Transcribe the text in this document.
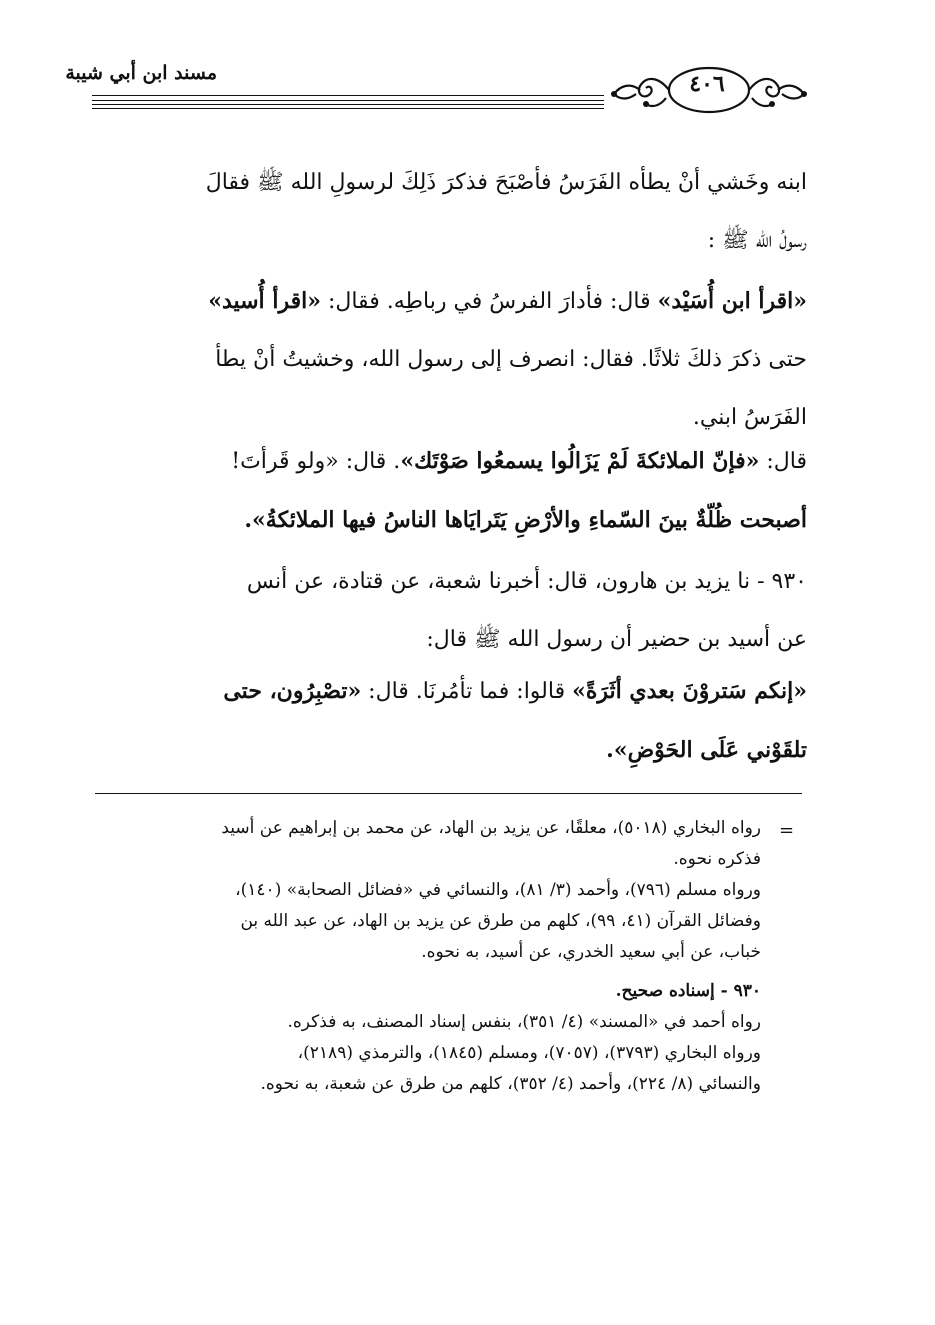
مسند ابن أبي شيبة	٤٠٦
ابنه وخَشي أنْ يطأه الفَرَسُ فأصْبَحَ فذكرَ ذَلِكَ لرسولِ الله ﷺ فقالَ
رسولُ الله ﷺ :
«اقرأ ابن أُسَيْد» قال: فأدارَ الفرسُ في رباطِه. فقال: «اقرأ أُسيد»
حتى ذكرَ ذلكَ ثلاثًا. فقال: انصرف إلى رسول الله، وخشيتُ أنْ يطأ
الفَرَسُ ابني.
قال: «فإنّ الملائكةَ لَمْ يَزَالُوا يسمعُوا صَوْتَك». قال: «ولو قَرأتَ!
أصبحت ظُلّةٌ بينَ السّماءِ والأرْضِ يَتَرايَاها الناسُ فيها الملائكةُ».
٩٣٠ - نا يزيد بن هارون، قال: أخبرنا شعبة، عن قتادة، عن أنس
عن أسيد بن حضير أن رسول الله ﷺ قال:
«إنكم سَتروْنَ بعدي أثَرَةً» قالوا: فما تأمُرنَا. قال: «تصْبِرُون، حتى
تلقَوْني عَلَى الحَوْضِ».
=
رواه البخاري (٥٠١٨)، معلقًا، عن يزيد بن الهاد، عن محمد بن إبراهيم عن أسيد
فذكره نحوه.
ورواه مسلم (٧٩٦)، وأحمد (٣/ ٨١)، والنسائي في «فضائل الصحابة» (١٤٠)،
وفضائل القرآن (٤١، ٩٩)، كلهم من طرق عن يزيد بن الهاد، عن عبد الله بن
خباب، عن أبي سعيد الخدري، عن أسيد، به نحوه.
٩٣٠ - إسناده صحيح.
رواه أحمد في «المسند» (٤/ ٣٥١)، بنفس إسناد المصنف، به فذكره.
ورواه البخاري (٣٧٩٣)، (٧٠٥٧)، ومسلم (١٨٤٥)، والترمذي (٢١٨٩)،
والنسائي (٨/ ٢٢٤)، وأحمد (٤/ ٣٥٢)، كلهم من طرق عن شعبة، به نحوه.
